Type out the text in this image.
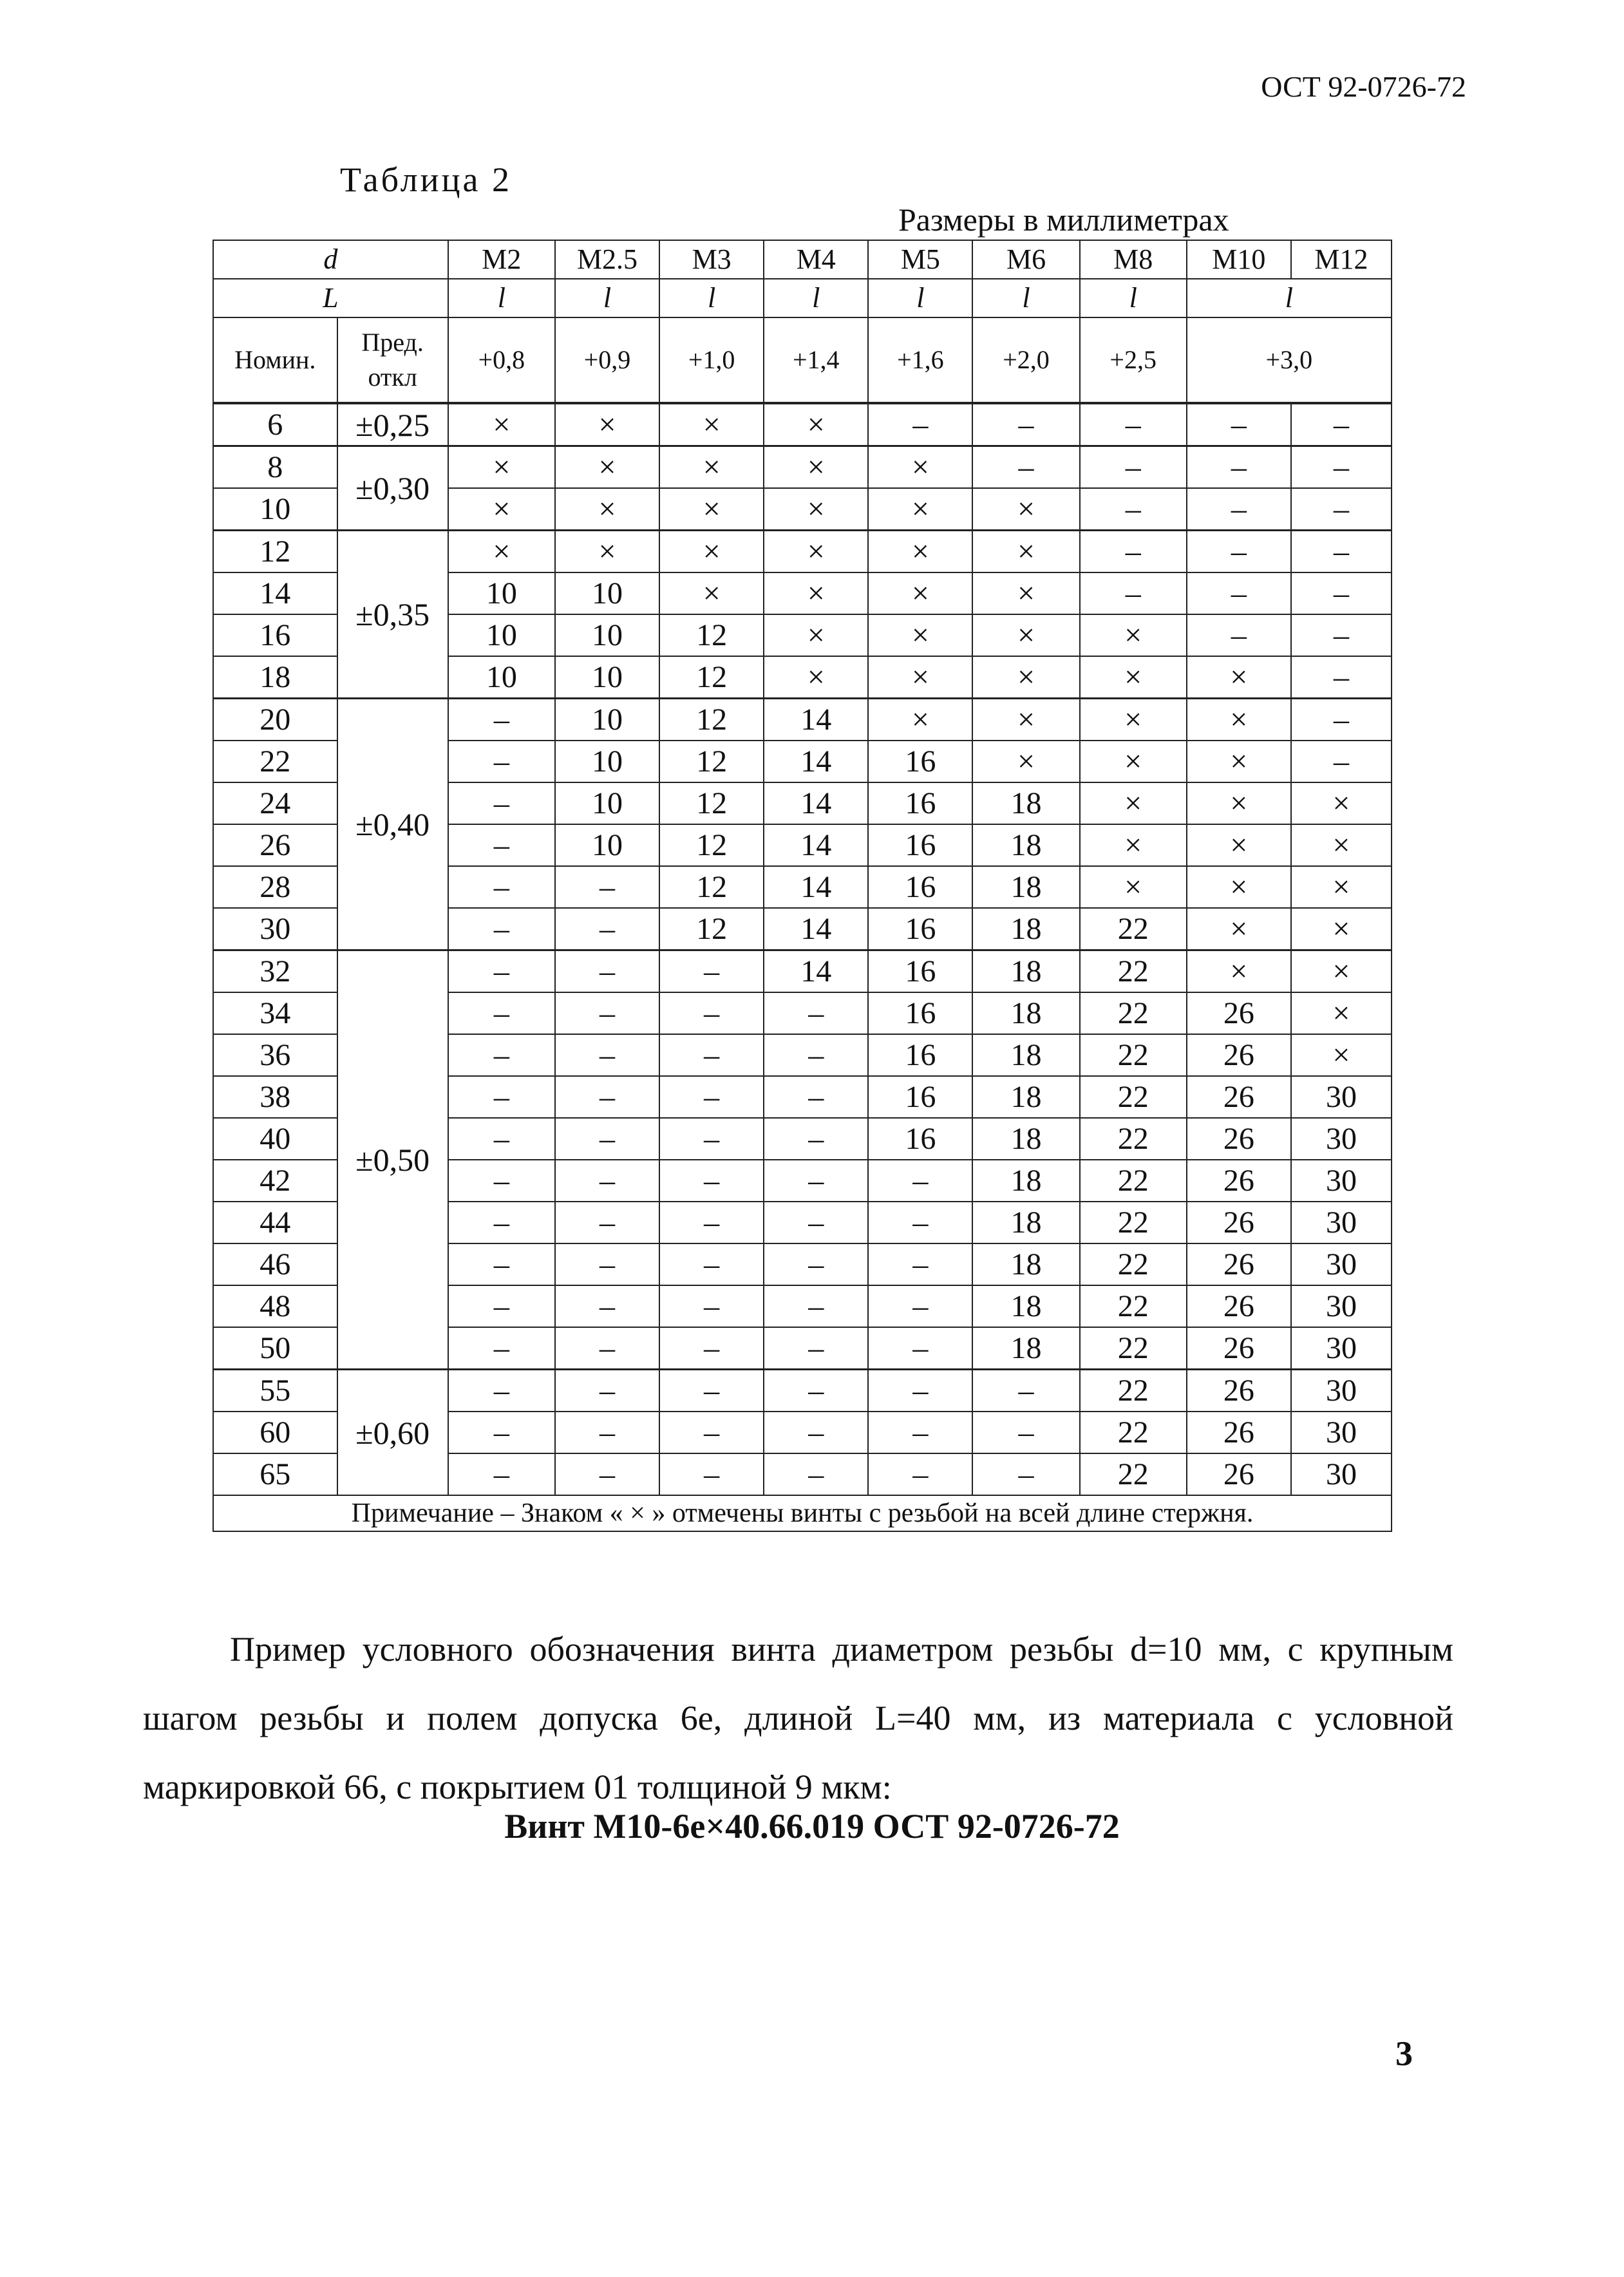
ОСТ 92-0726-72
Таблица 2
Размеры в миллиметрах
d		M2	M2.5	M3	M4	M5	M6	M8	M10	M12
L		l	l	l	l	l	l	l	l	
Номин.	Пред. откл	+0,8	+0,9	+1,0	+1,4	+1,6	+2,0	+2,5	+3,0	
6	±0,25	×	×	×	×	–	–	–	–	–
8	±0,30	×	×	×	×	×	–	–	–	–
10		×	×	×	×	×	×	–	–	–
12	±0,35	×	×	×	×	×	×	–	–	–
14		10	10	×	×	×	×	–	–	–
16		10	10	12	×	×	×	×	–	–
18		10	10	12	×	×	×	×	×	–
20	±0,40	–	10	12	14	×	×	×	×	–
22		–	10	12	14	16	×	×	×	–
24		–	10	12	14	16	18	×	×	×
26		–	10	12	14	16	18	×	×	×
28		–	–	12	14	16	18	×	×	×
30		–	–	12	14	16	18	22	×	×
32	±0,50	–	–	–	14	16	18	22	×	×
34		–	–	–	–	16	18	22	26	×
36		–	–	–	–	16	18	22	26	×
38		–	–	–	–	16	18	22	26	30
40		–	–	–	–	16	18	22	26	30
42		–	–	–	–	–	18	22	26	30
44		–	–	–	–	–	18	22	26	30
46		–	–	–	–	–	18	22	26	30
48		–	–	–	–	–	18	22	26	30
50		–	–	–	–	–	18	22	26	30
55	±0,60	–	–	–	–	–	–	22	26	30
60		–	–	–	–	–	–	22	26	30
65		–	–	–	–	–	–	22	26	30
Примечание – Знаком « × » отмечены винты с резьбой на всей длине стержня.										
Пример условного обозначения винта диаметром резьбы d=10 мм, с крупным шагом резьбы и полем допуска 6е, длиной L=40 мм, из материала с условной маркировкой 66, с покрытием 01 толщиной 9 мкм:
Винт М10-6е×40.66.019 ОСТ 92-0726-72
3
